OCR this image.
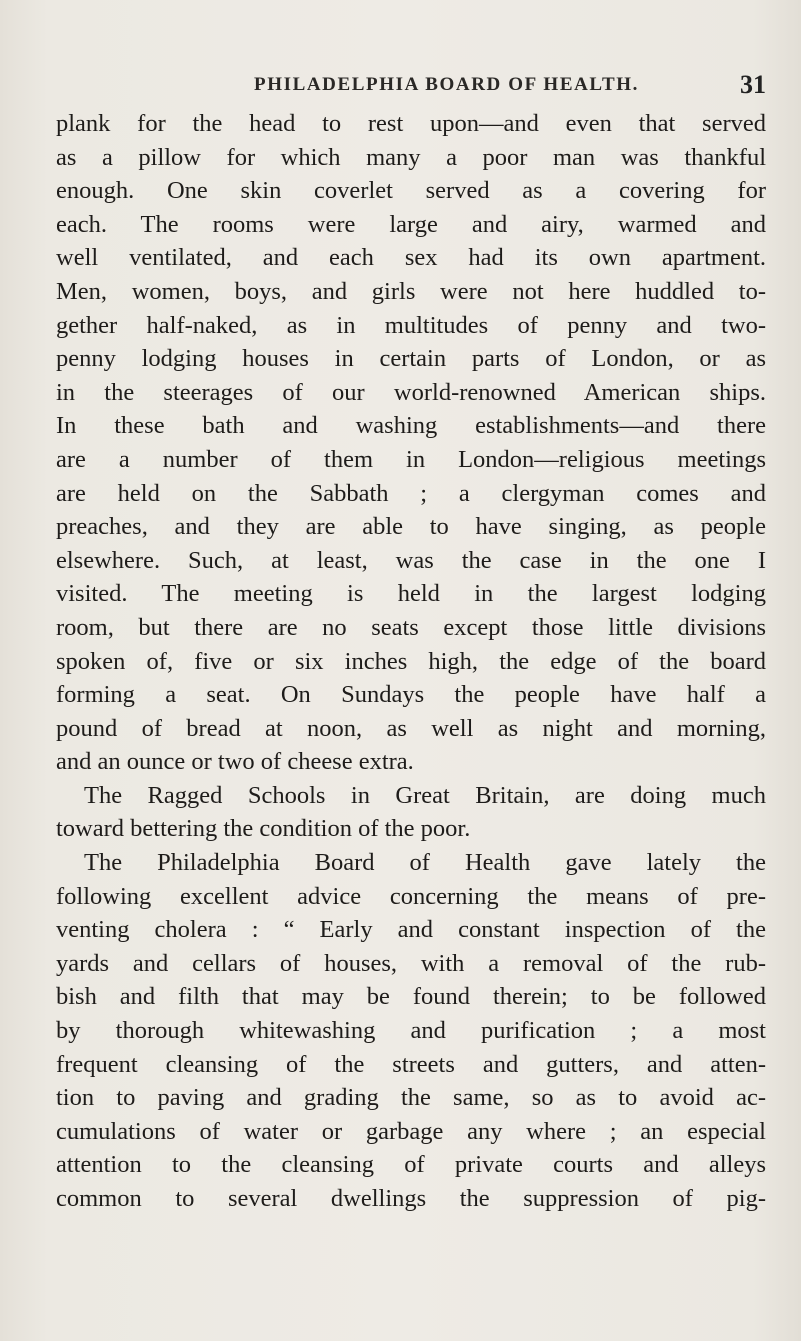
PHILADELPHIA BOARD OF HEALTH.	31
plank for the head to rest upon—and even that served
as a pillow for which many a poor man was thankful
enough. One skin coverlet served as a covering for
each. The rooms were large and airy, warmed and
well ventilated, and each sex had its own apartment.
Men, women, boys, and girls were not here huddled to-
gether half-naked, as in multitudes of penny and two-
penny lodging houses in certain parts of London, or as
in the steerages of our world-renowned American ships.
In these bath and washing establishments—and there
are a number of them in London—religious meetings
are held on the Sabbath ; a clergyman comes and
preaches, and they are able to have singing, as people
elsewhere. Such, at least, was the case in the one I
visited. The meeting is held in the largest lodging
room, but there are no seats except those little divisions
spoken of, five or six inches high, the edge of the board
forming a seat. On Sundays the people have half a
pound of bread at noon, as well as night and morning,
and an ounce or two of cheese extra.
The Ragged Schools in Great Britain, are doing much
toward bettering the condition of the poor.
The Philadelphia Board of Health gave lately the
following excellent advice concerning the means of pre-
venting cholera : “ Early and constant inspection of the
yards and cellars of houses, with a removal of the rub-
bish and filth that may be found therein; to be followed
by thorough whitewashing and purification ; a most
frequent cleansing of the streets and gutters, and atten-
tion to paving and grading the same, so as to avoid ac-
cumulations of water or garbage any where ; an especial
attention to the cleansing of private courts and alleys
common to several dwellings the suppression of pig-
